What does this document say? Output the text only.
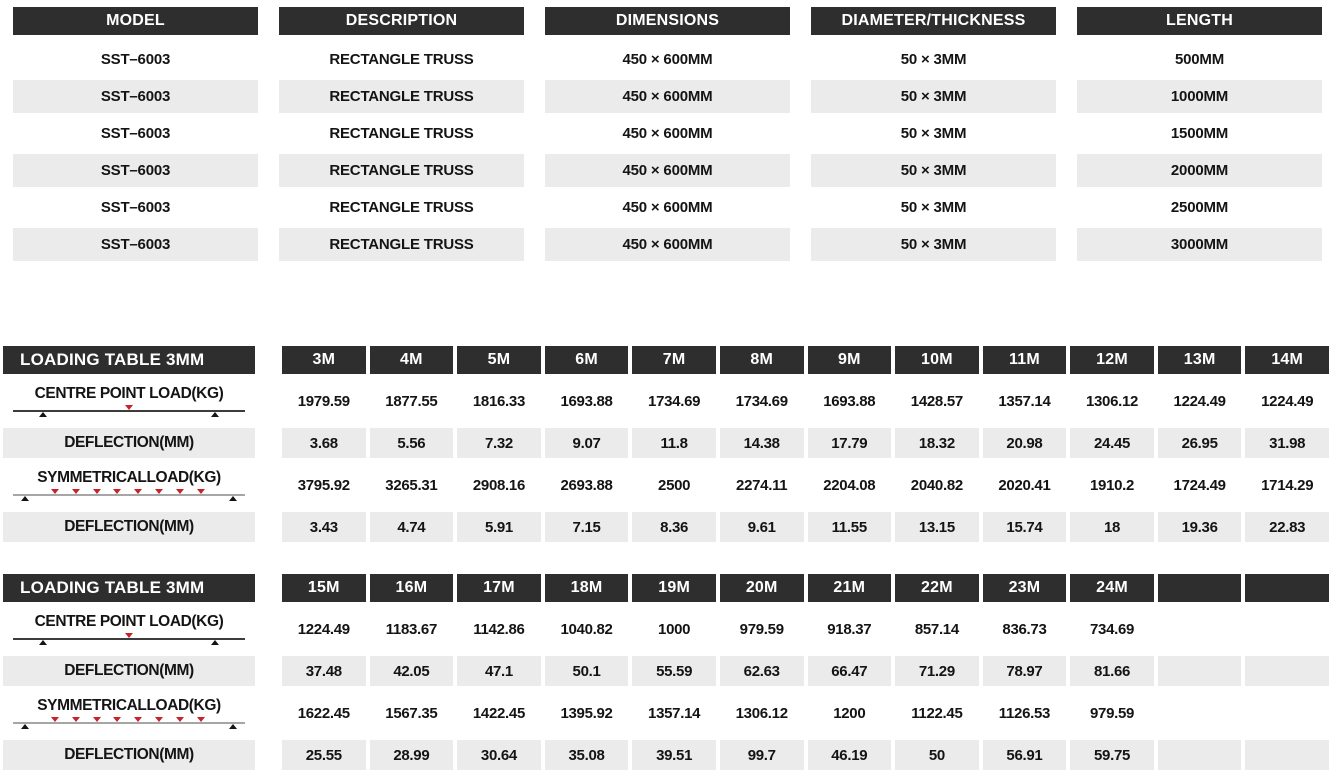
MODEL	DESCRIPTION	DIMENSIONS	DIAMETER/THICKNESS	LENGTH
SST–6003	RECTANGLE TRUSS	450 × 600MM	50 × 3MM	500MM
SST–6003	RECTANGLE TRUSS	450 × 600MM	50 × 3MM	1000MM
SST–6003	RECTANGLE TRUSS	450 × 600MM	50 × 3MM	1500MM
SST–6003	RECTANGLE TRUSS	450 × 600MM	50 × 3MM	2000MM
SST–6003	RECTANGLE TRUSS	450 × 600MM	50 × 3MM	2500MM
SST–6003	RECTANGLE TRUSS	450 × 600MM	50 × 3MM	3000MM
LOADING TABLE 3MM	3M	4M	5M	6M	7M	8M	9M	10M	11M	12M	13M	14M
CENTRE POINT LOAD(KG)	1979.59	1877.55	1816.33	1693.88	1734.69	1734.69	1693.88	1428.57	1357.14	1306.12	1224.49	1224.49
DEFLECTION(MM)	3.68	5.56	7.32	9.07	11.8	14.38	17.79	18.32	20.98	24.45	26.95	31.98
SYMMETRICALLOAD(KG)	3795.92	3265.31	2908.16	2693.88	2500	2274.11	2204.08	2040.82	2020.41	1910.2	1724.49	1714.29
DEFLECTION(MM)	3.43	4.74	5.91	7.15	8.36	9.61	11.55	13.15	15.74	18	19.36	22.83
LOADING TABLE 3MM	15M	16M	17M	18M	19M	20M	21M	22M	23M	24M
CENTRE POINT LOAD(KG)	1224.49	1183.67	1142.86	1040.82	1000	979.59	918.37	857.14	836.73	734.69
DEFLECTION(MM)	37.48	42.05	47.1	50.1	55.59	62.63	66.47	71.29	78.97	81.66
SYMMETRICALLOAD(KG)	1622.45	1567.35	1422.45	1395.92	1357.14	1306.12	1200	1122.45	1126.53	979.59
DEFLECTION(MM)	25.55	28.99	30.64	35.08	39.51	99.7	46.19	50	56.91	59.75
